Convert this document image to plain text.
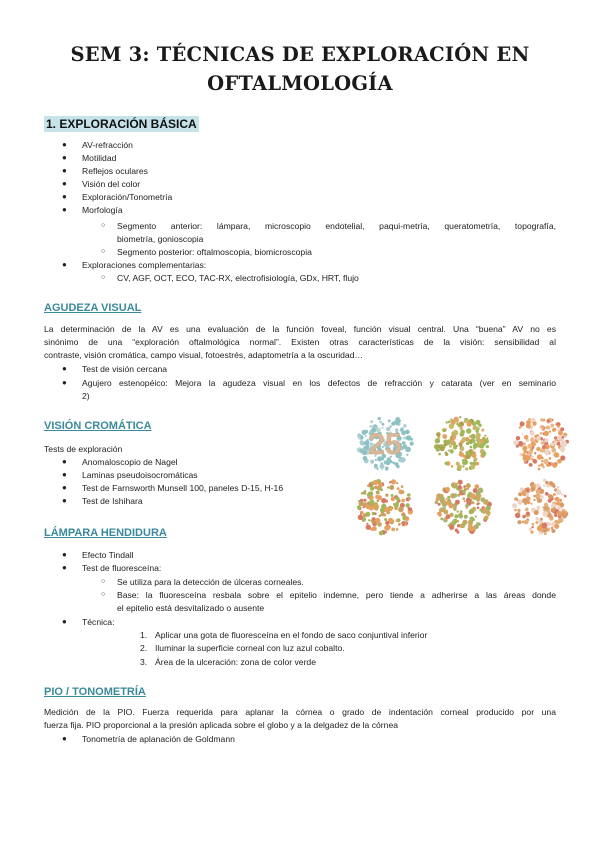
SEM 3: TÉCNICAS DE EXPLORACIÓN EN
OFTALMOLOGÍA
1. EXPLORACIÓN BÁSICA
● AV-refracción
● Motilidad
● Reflejos oculares
● Visión del color
● Exploración/Tonometría
● Morfología
○ Segmento anterior: lámpara, microscopio endotelial, paqui-metría, queratometría, topografía,
biometría, gonioscopia
○ Segmento posterior: oftalmoscopia, biomicroscopia
● Exploraciones complementarias:
○ CV, AGF, OCT, ECO, TAC-RX, electrofisiología, GDx, HRT, flujo
AGUDEZA VISUAL
La determinación de la AV es una evaluación de la función foveal, función visual central. Una “buena” AV no es
sinónimo de una “exploración oftalmológica normal”. Existen otras características de la visión: sensibilidad al
contraste, visión cromática, campo visual, fotoestrés, adaptometría a la oscuridad…
● Test de visión cercana
● Agujero estenopéico: Mejora la agudeza visual en los defectos de refracción y catarata (ver en seminario
2)
VISIÓN CROMÁTICA
Tests de exploración
● Anomaloscopio de Nagel
● Laminas pseudoisocromáticas
● Test de Farnsworth Munsell 100, paneles D-15, H-16
● Test de Ishihara
25
LÁMPARA HENDIDURA
● Efecto Tindall
● Test de fluoresceína:
○ Se utiliza para la detección de úlceras corneales.
○ Base: la fluoresceína resbala sobre el epitelio indemne, pero tiende a adherirse a las áreas donde
el epitelio está desvitalizado o ausente
● Técnica:
1. Aplicar una gota de fluoresceína en el fondo de saco conjuntival inferior
2. Iluminar la superficie corneal con luz azul cobalto.
3. Área de la ulceración: zona de color verde
PIO / TONOMETRÍA
Medición de la PIO. Fuerza requerida para aplanar la córnea o grado de indentación corneal producido por una
fuerza fija. PIO proporcional a la presión aplicada sobre el globo y a la delgadez de la córnea
● Tonometría de aplanación de Goldmann
